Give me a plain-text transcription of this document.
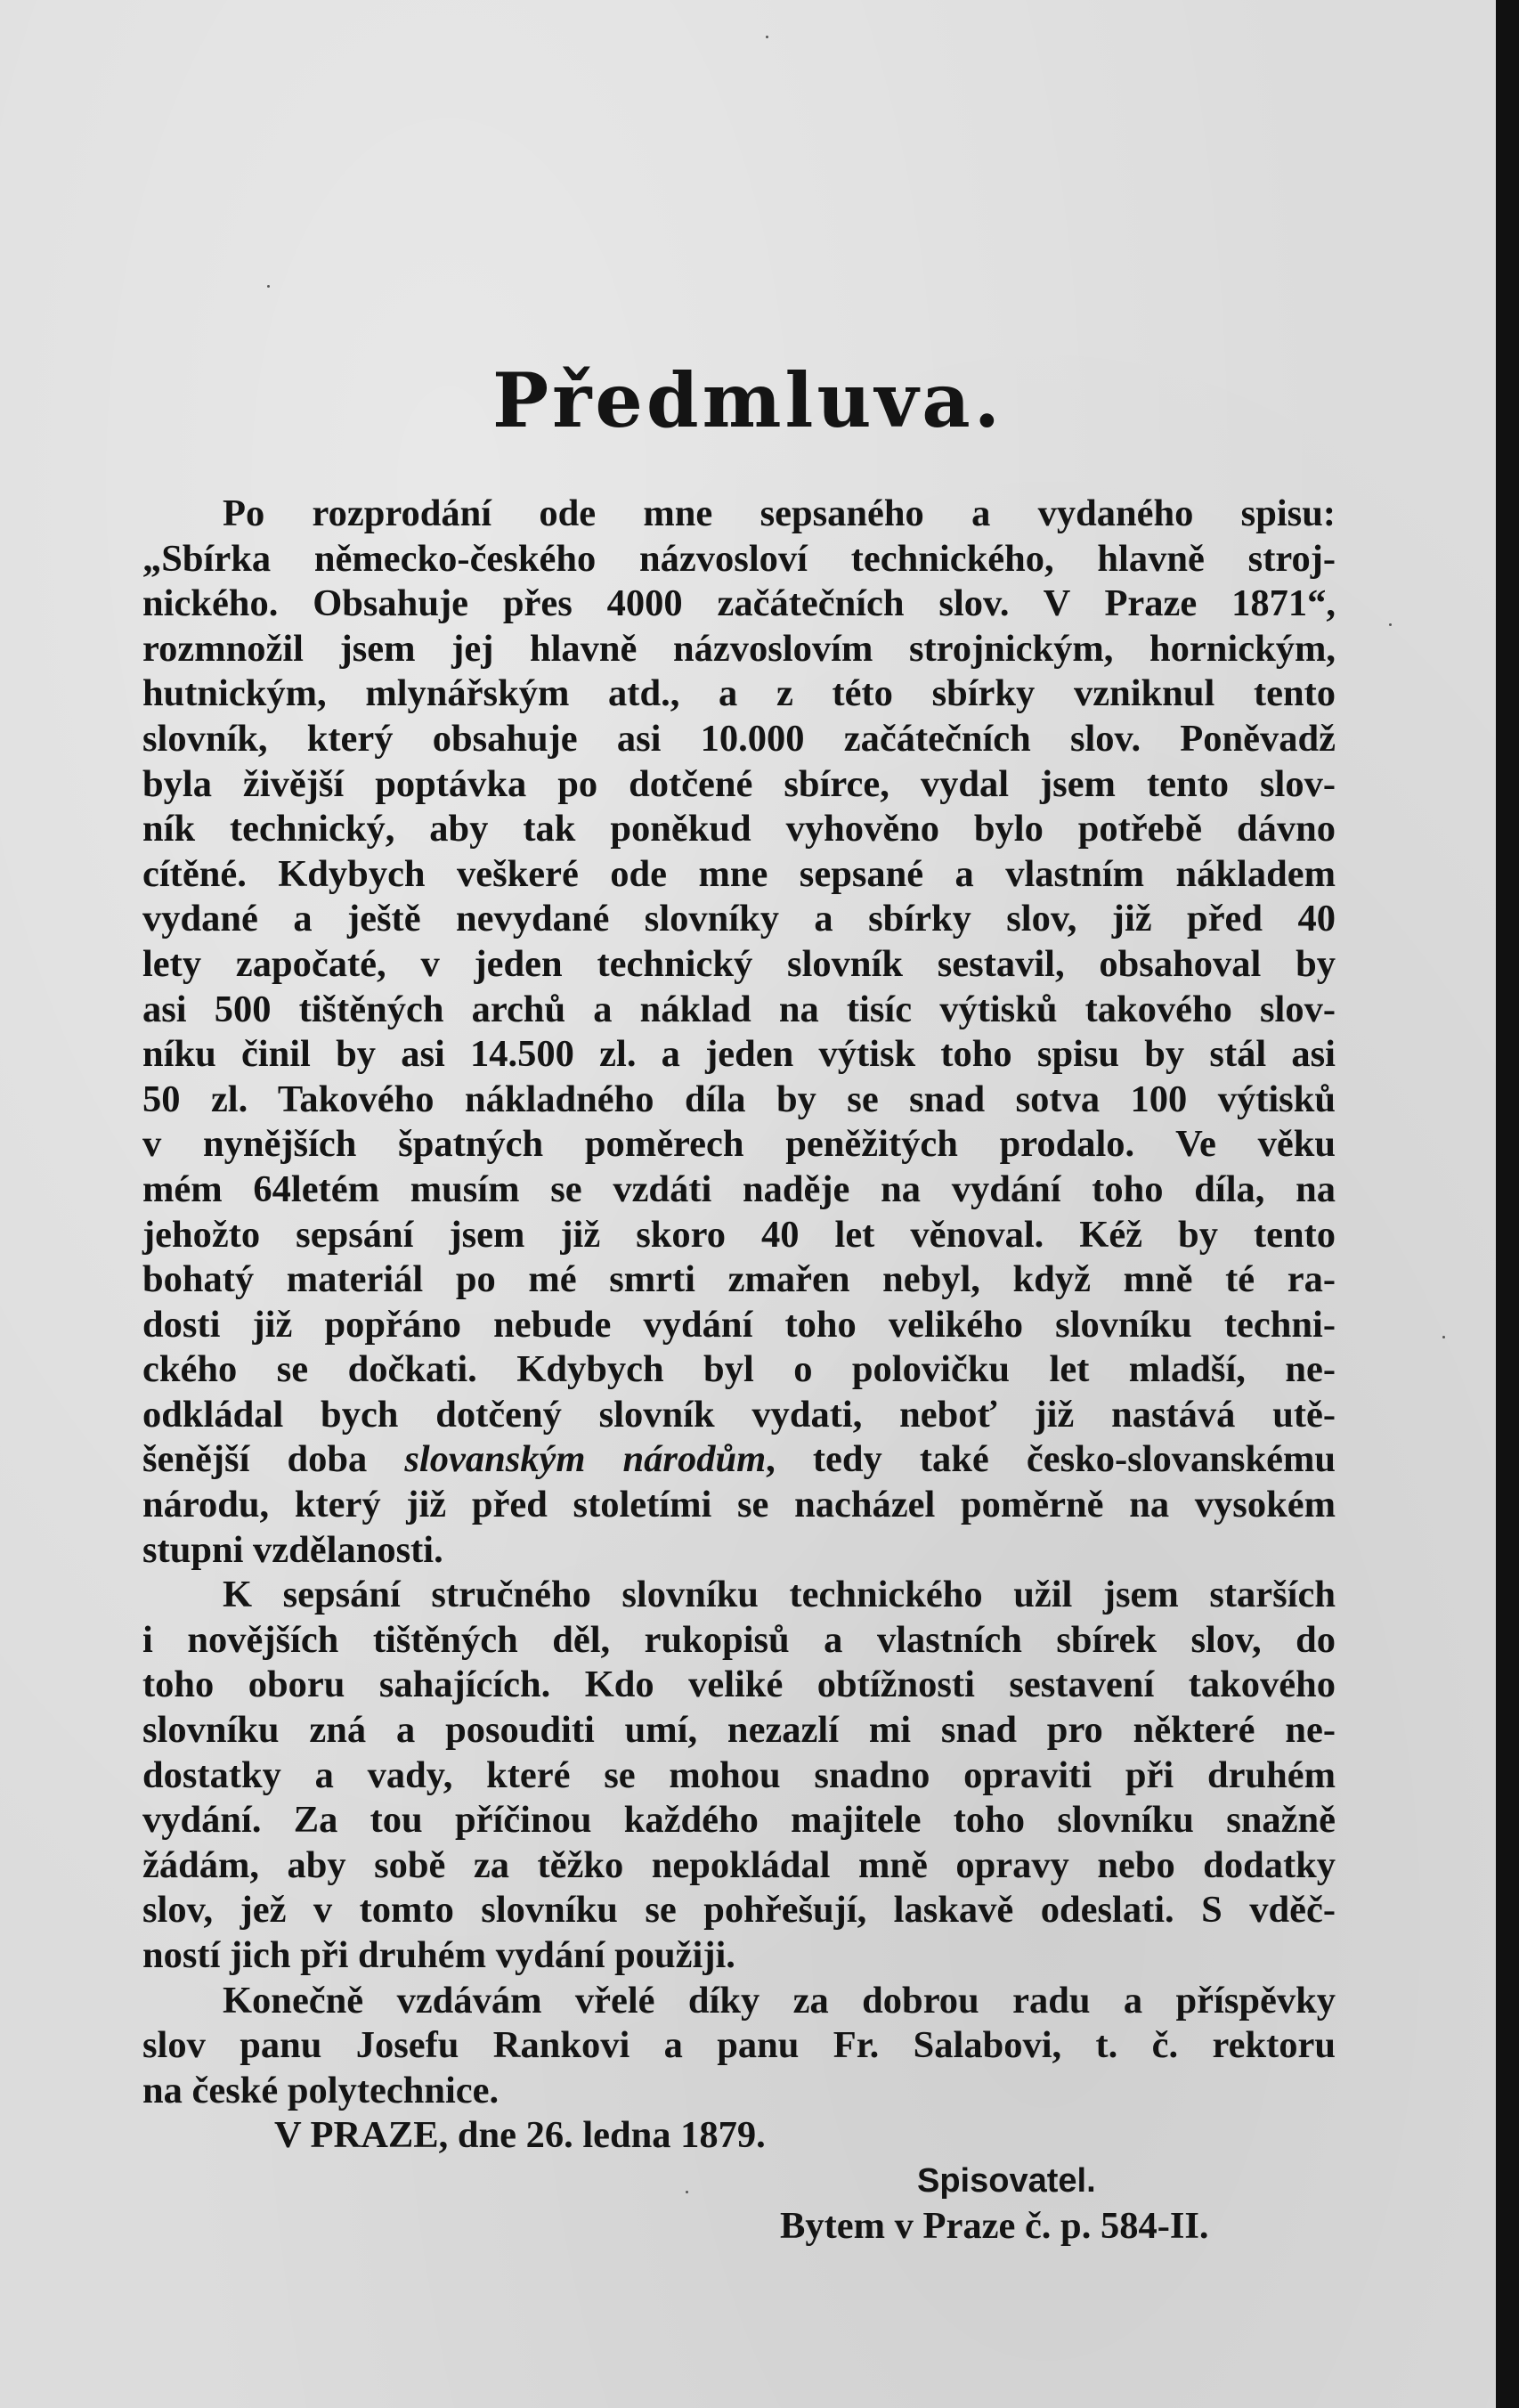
Předmluva.
Po rozprodání ode mne sepsaného a vydaného spisu:
„Sbírka německo-českého názvosloví technického, hlavně stroj-
nického. Obsahuje přes 4000 začátečních slov. V Praze 1871“,
rozmnožil jsem jej hlavně názvoslovím strojnickým, hornickým,
hutnickým, mlynářským atd., a z této sbírky vzniknul tento
slovník, který obsahuje asi 10.000 začátečních slov. Poněvadž
byla živější poptávka po dotčené sbírce, vydal jsem tento slov-
ník technický, aby tak poněkud vyhověno bylo potřebě dávno
cítěné. Kdybych veškeré ode mne sepsané a vlastním nákladem
vydané a ještě nevydané slovníky a sbírky slov, již před 40
lety započaté, v jeden technický slovník sestavil, obsahoval by
asi 500 tištěných archů a náklad na tisíc výtisků takového slov-
níku činil by asi 14.500 zl. a jeden výtisk toho spisu by stál asi
50 zl. Takového nákladného díla by se snad sotva 100 výtisků
v nynějších špatných poměrech peněžitých prodalo. Ve věku
mém 64letém musím se vzdáti naděje na vydání toho díla, na
jehožto sepsání jsem již skoro 40 let věnoval. Kéž by tento
bohatý materiál po mé smrti zmařen nebyl, když mně té ra-
dosti již popřáno nebude vydání toho velikého slovníku techni-
ckého se dočkati. Kdybych byl o polovičku let mladší, ne-
odkládal bych dotčený slovník vydati, neboť již nastává utě-
šenější doba slovanským národům, tedy také česko-slovanskému
národu, který již před stoletími se nacházel poměrně na vysokém
stupni vzdělanosti.
K sepsání stručného slovníku technického užil jsem starších
i novějších tištěných děl, rukopisů a vlastních sbírek slov, do
toho oboru sahajících. Kdo veliké obtížnosti sestavení takového
slovníku zná a posouditi umí, nezazlí mi snad pro některé ne-
dostatky a vady, které se mohou snadno opraviti při druhém
vydání. Za tou příčinou každého majitele toho slovníku snažně
žádám, aby sobě za těžko nepokládal mně opravy nebo dodatky
slov, jež v tomto slovníku se pohřešují, laskavě odeslati. S vděč-
ností jich při druhém vydání použiji.
Konečně vzdávám vřelé díky za dobrou radu a příspěvky
slov panu Josefu Rankovi a panu Fr. Salabovi, t. č. rektoru
na české polytechnice.
V PRAZE, dne 26. ledna 1879.
Spisovatel.
Bytem v Praze č. p. 584-II.
